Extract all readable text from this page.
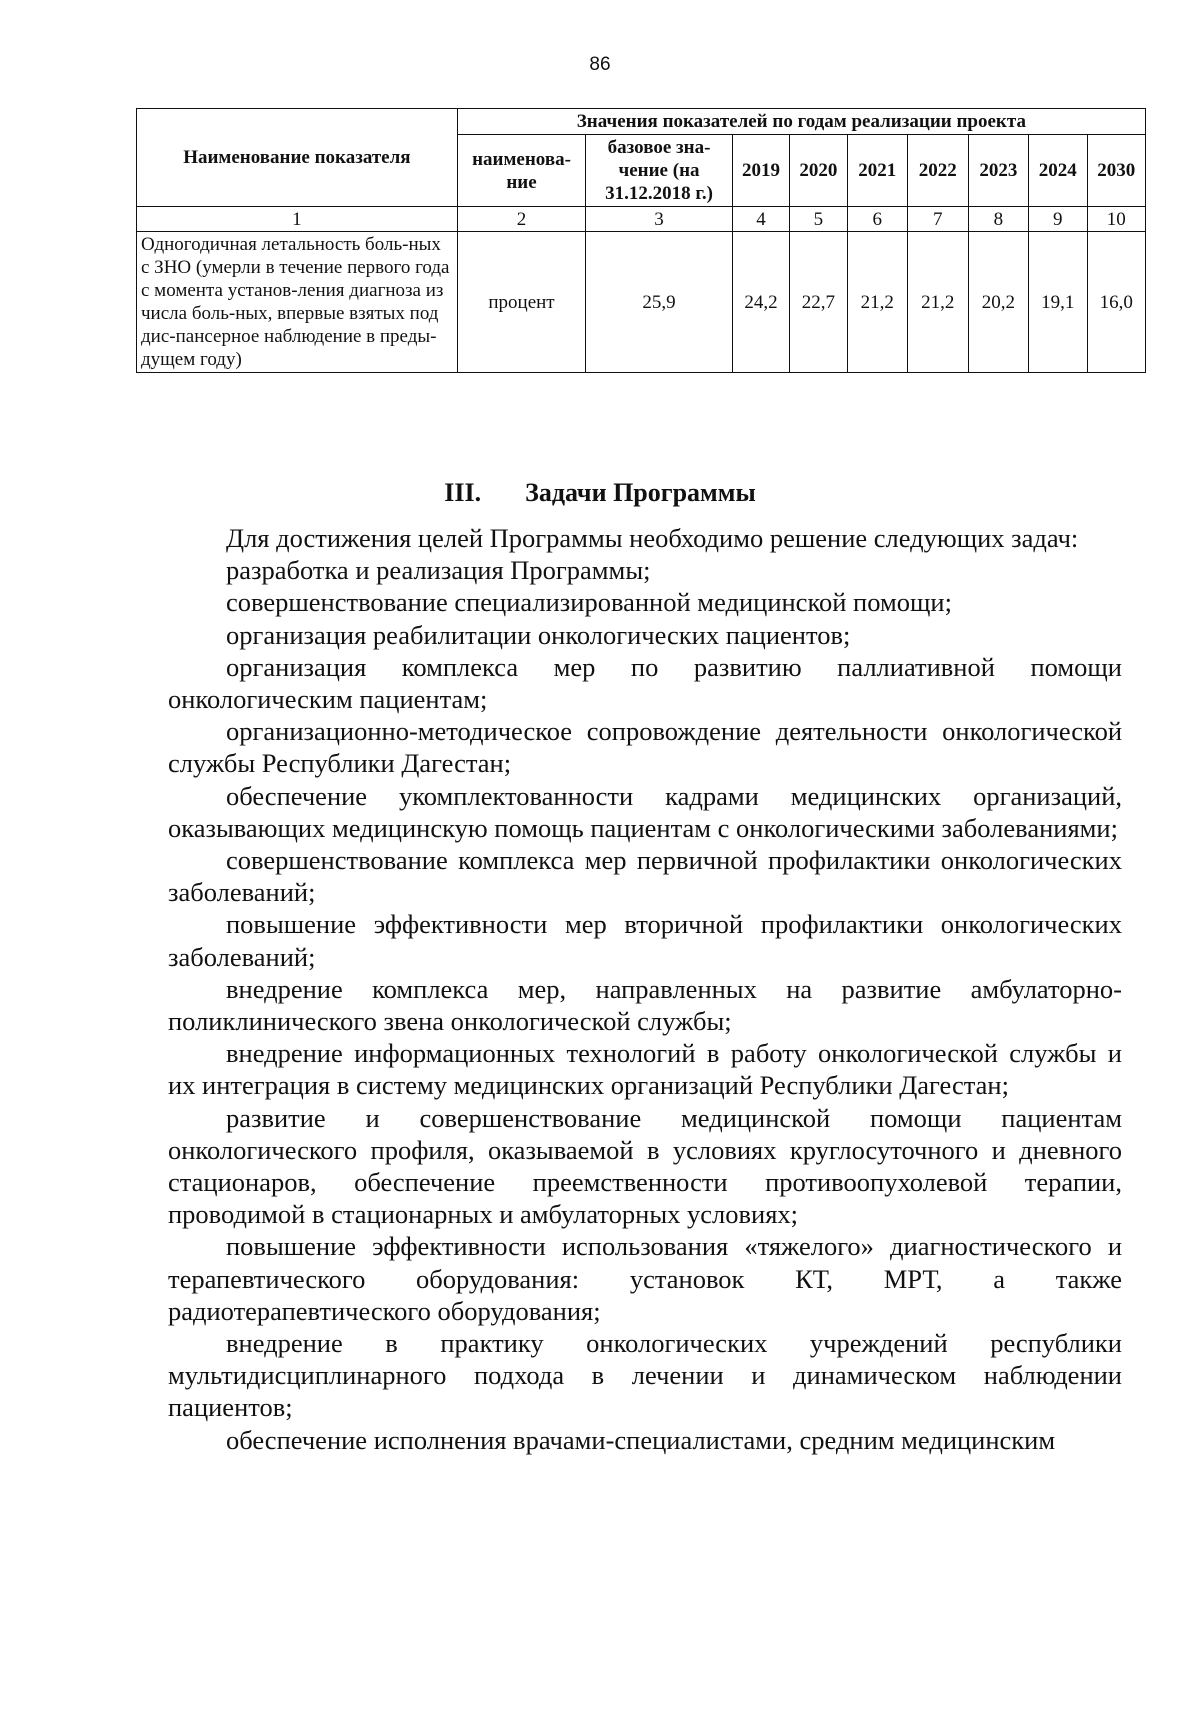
86
Наименование показателя	Значения показателей по годам реализации проекта								
	наименова-ние	базовое зна-чение (на 31.12.2018 г.)	2019	2020	2021	2022	2023	2024	2030
1	2	3	4	5	6	7	8	9	10
Одногодичная летальность боль-ных с ЗНО (умерли в течение первого года с момента установ-ления диагноза из числа боль-ных, впервые взятых под дис-пансерное наблюдение в преды-дущем году)	процент	25,9	24,2	22,7	21,2	21,2	20,2	19,1	16,0
III. Задачи Программы

Для достижения целей Программы необходимо решение следующих задач:

разработка и реализация Программы;

совершенствование специализированной медицинской помощи;

организация реабилитации онкологических пациентов;

организация комплекса мер по развитию паллиативной помощи онкологическим пациентам;

организационно-методическое сопровождение деятельности онкологической службы Республики Дагестан;

обеспечение укомплектованности кадрами медицинских организаций, оказывающих медицинскую помощь пациентам с онкологическими заболеваниями;

совершенствование комплекса мер первичной профилактики онкологических заболеваний;

повышение эффективности мер вторичной профилактики онкологических заболеваний;

внедрение комплекса мер, направленных на развитие амбулаторно-поликлинического звена онкологической службы;

внедрение информационных технологий в работу онкологической службы и их интеграция в систему медицинских организаций Республики Дагестан;

развитие и совершенствование медицинской помощи пациентам онкологического профиля, оказываемой в условиях круглосуточного и дневного стационаров, обеспечение преемственности противоопухолевой терапии, проводимой в стационарных и амбулаторных условиях;

повышение эффективности использования «тяжелого» диагностического и терапевтического оборудования: установок КТ, МРТ, а также радиотерапевтического оборудования;

внедрение в практику онкологических учреждений республики мультидисциплинарного подхода в лечении и динамическом наблюдении пациентов;

обеспечение исполнения врачами-специалистами, средним медицинским
